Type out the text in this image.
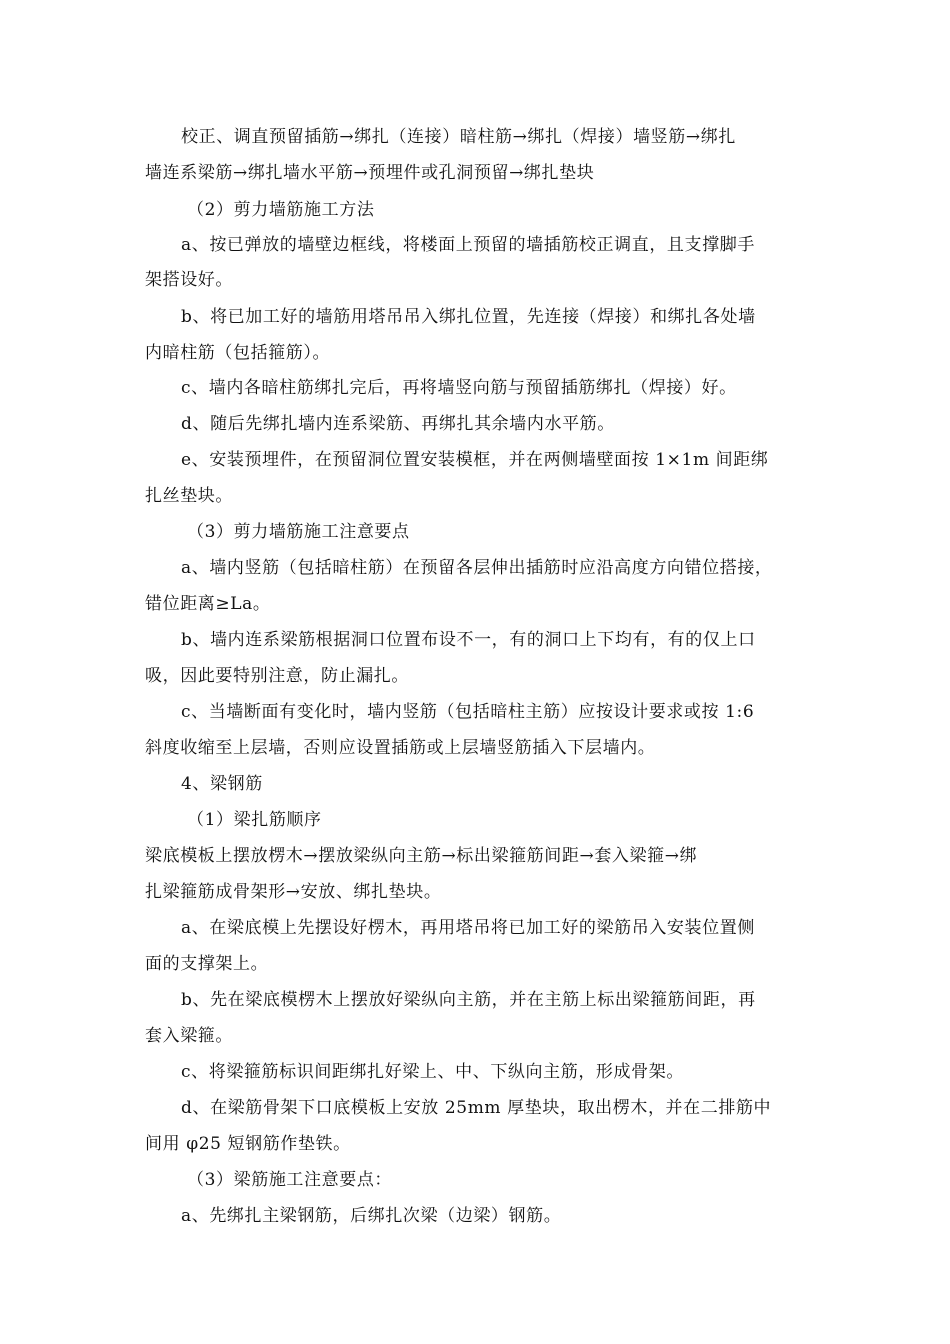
校正、调直预留插筋→绑扎（连接）暗柱筋→绑扎（焊接）墙竖筋→绑扎
墙连系梁筋→绑扎墙水平筋→预埋件或孔洞预留→绑扎垫块
（2）剪力墙筋施工方法
a、按已弹放的墙壁边框线，将楼面上预留的墙插筋校正调直，且支撑脚手
架搭设好。
b、将已加工好的墙筋用塔吊吊入绑扎位置，先连接（焊接）和绑扎各处墙
内暗柱筋（包括箍筋）。
c、墙内各暗柱筋绑扎完后，再将墙竖向筋与预留插筋绑扎（焊接）好。
d、随后先绑扎墙内连系梁筋、再绑扎其余墙内水平筋。
e、安装预埋件，在预留洞位置安装模框，并在两侧墙壁面按 1×1m 间距绑
扎丝垫块。
（3）剪力墙筋施工注意要点
a、墙内竖筋（包括暗柱筋）在预留各层伸出插筋时应沿高度方向错位搭接，
错位距离≥La。
b、墙内连系梁筋根据洞口位置布设不一，有的洞口上下均有，有的仅上口
吸，因此要特别注意，防止漏扎。
c、当墙断面有变化时，墙内竖筋（包括暗柱主筋）应按设计要求或按 1:6
斜度收缩至上层墙，否则应设置插筋或上层墙竖筋插入下层墙内。
4、梁钢筋
（1）梁扎筋顺序
梁底模板上摆放楞木→摆放梁纵向主筋→标出梁箍筋间距→套入梁箍→绑
扎梁箍筋成骨架形→安放、绑扎垫块。
a、在梁底模上先摆设好楞木，再用塔吊将已加工好的梁筋吊入安装位置侧
面的支撑架上。
b、先在梁底模楞木上摆放好梁纵向主筋，并在主筋上标出梁箍筋间距，再
套入梁箍。
c、将梁箍筋标识间距绑扎好梁上、中、下纵向主筋，形成骨架。
d、在梁筋骨架下口底模板上安放 25mm 厚垫块，取出楞木，并在二排筋中
间用 φ25 短钢筋作垫铁。
（3）梁筋施工注意要点：
a、先绑扎主梁钢筋，后绑扎次梁（边梁）钢筋。
